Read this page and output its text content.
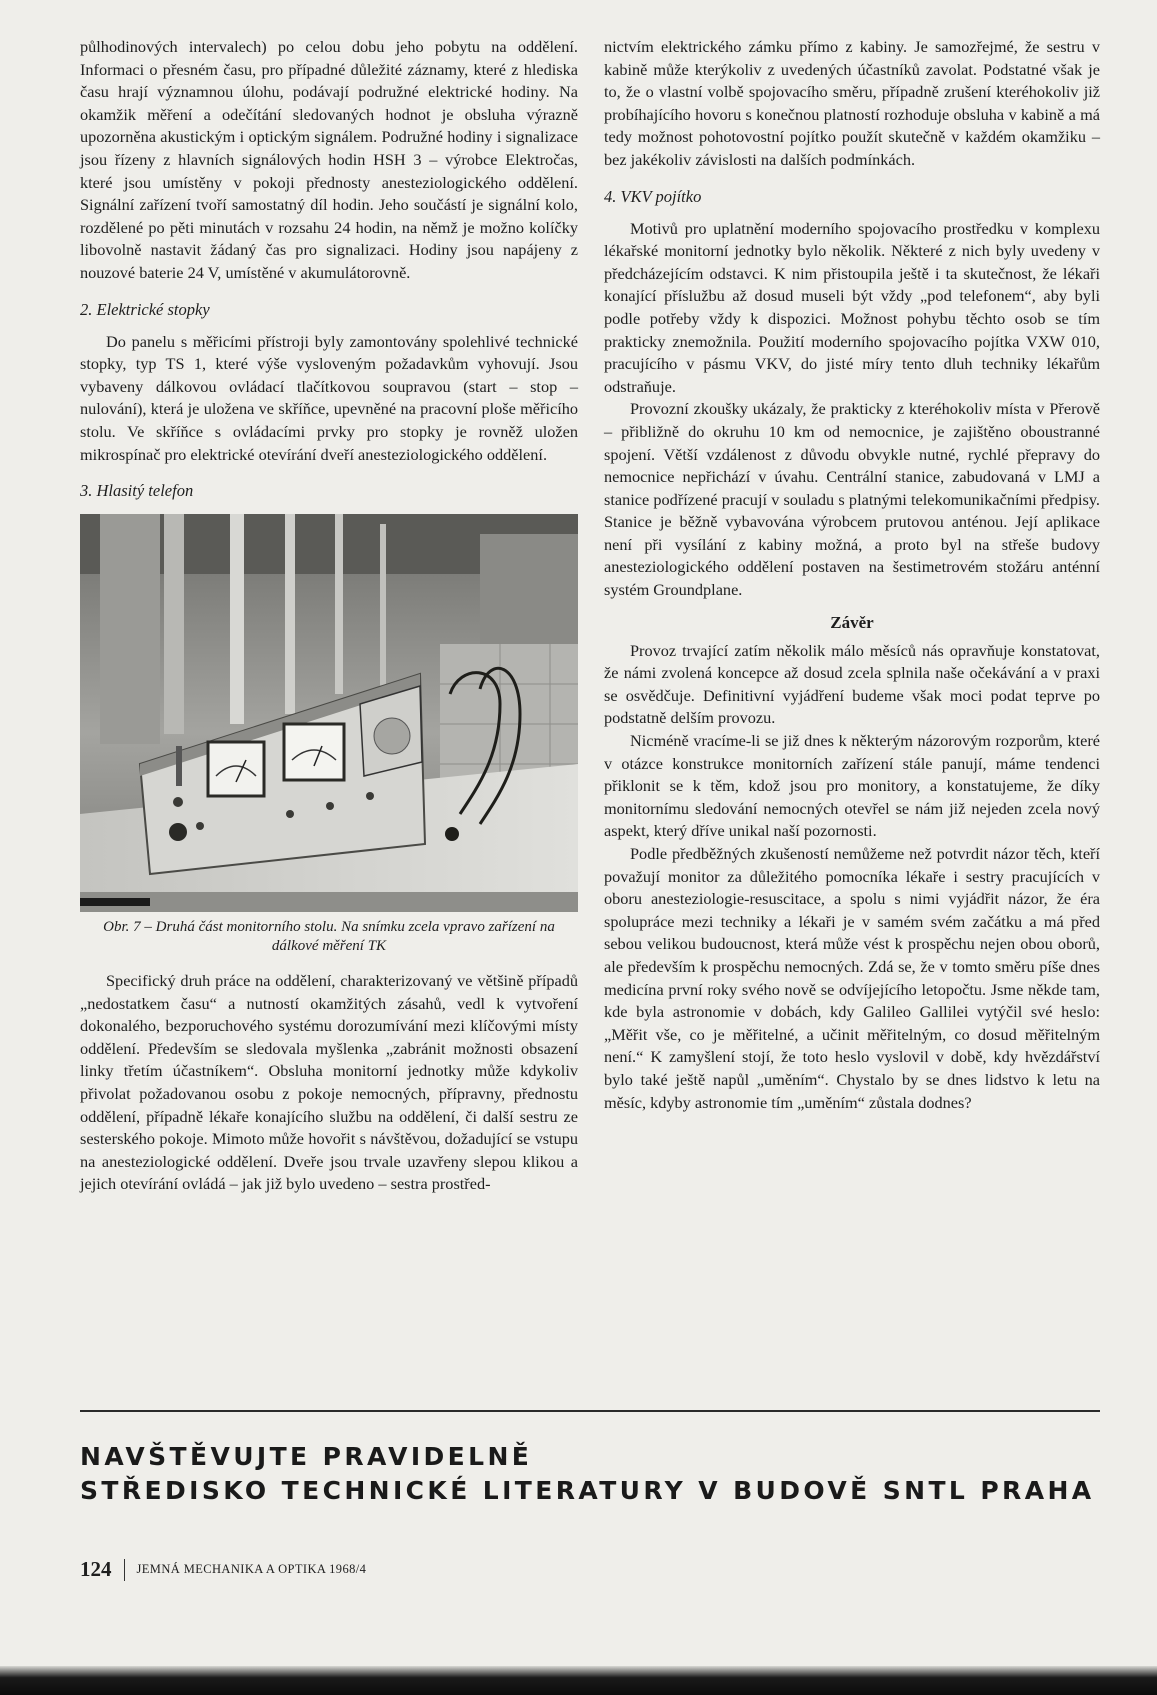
půlhodinových intervalech) po celou dobu jeho pobytu na oddělení. Informaci o přesném času, pro případné důležité záznamy, které z hlediska času hrají významnou úlohu, podávají podružné elektrické hodiny. Na okamžik měření a odečítání sledovaných hodnot je obsluha výrazně upozorněna akustickým i optickým signálem. Podružné hodiny i signalizace jsou řízeny z hlavních signálových hodin HSH 3 – výrobce Elektročas, které jsou umístěny v pokoji přednosty anesteziologického oddělení. Signální zařízení tvoří samostatný díl hodin. Jeho součástí je signální kolo, rozdělené po pěti minutách v rozsahu 24 hodin, na němž je možno kolíčky libovolně nastavit žádaný čas pro signalizaci. Hodiny jsou napájeny z nouzové baterie 24 V, umístěné v akumulátorovně.

2. Elektrické stopky

Do panelu s měřicími přístroji byly zamontovány spolehlivé technické stopky, typ TS 1, které výše vysloveným požadavkům vyhovují. Jsou vybaveny dálkovou ovládací tlačítkovou soupravou (start – stop – nulování), která je uložena ve skříňce, upevněné na pracovní ploše měřicího stolu. Ve skříňce s ovládacími prvky pro stopky je rovněž uložen mikrospínač pro elektrické otevírání dveří anesteziologického oddělení.

3. Hlasitý telefon

Obr. 7 – Druhá část monitorního stolu. Na snímku zcela vpravo zařízení na dálkové měření TK

Specifický druh práce na oddělení, charakterizovaný ve většině případů „nedostatkem času“ a nutností okamžitých zásahů, vedl k vytvoření dokonalého, bezporuchového systému dorozumívání mezi klíčovými místy oddělení. Především se sledovala myšlenka „zabránit možnosti obsazení linky třetím účastníkem“. Obsluha monitorní jednotky může kdykoliv přivolat požadovanou osobu z pokoje nemocných, přípravny, přednostu oddělení, případně lékaře konajícího službu na oddělení, či další sestru ze sesterského pokoje. Mimoto může hovořit s návštěvou, dožadující se vstupu na anesteziologické oddělení. Dveře jsou trvale uzavřeny slepou klikou a jejich otevírání ovládá – jak již bylo uvedeno – sestra prostřed-

nictvím elektrického zámku přímo z kabiny. Je samozřejmé, že sestru v kabině může kterýkoliv z uvedených účastníků zavolat. Podstatné však je to, že o vlastní volbě spojovacího směru, případně zrušení kteréhokoliv již probíhajícího hovoru s konečnou platností rozhoduje obsluha v kabině a má tedy možnost pohotovostní pojítko použít skutečně v každém okamžiku – bez jakékoliv závislosti na dalších podmínkách.

4. VKV pojítko

Motivů pro uplatnění moderního spojovacího prostředku v komplexu lékařské monitorní jednotky bylo několik. Některé z nich byly uvedeny v předcházejícím odstavci. K nim přistoupila ještě i ta skutečnost, že lékaři konající příslužbu až dosud museli být vždy „pod telefonem“, aby byli podle potřeby vždy k dispozici. Možnost pohybu těchto osob se tím prakticky znemožnila. Použití moderního spojovacího pojítka VXW 010, pracujícího v pásmu VKV, do jisté míry tento dluh techniky lékařům odstraňuje.

Provozní zkoušky ukázaly, že prakticky z kteréhokoliv místa v Přerově – přibližně do okruhu 10 km od nemocnice, je zajištěno oboustranné spojení. Větší vzdálenost z důvodu obvykle nutné, rychlé přepravy do nemocnice nepřichází v úvahu. Centrální stanice, zabudovaná v LMJ a stanice podřízené pracují v souladu s platnými telekomunikačními předpisy. Stanice je běžně vybavována výrobcem prutovou anténou. Její aplikace není při vysílání z kabiny možná, a proto byl na střeše budovy anesteziologického oddělení postaven na šestimetrovém stožáru anténní systém Groundplane.

Závěr

Provoz trvající zatím několik málo měsíců nás opravňuje konstatovat, že námi zvolená koncepce až dosud zcela splnila naše očekávání a v praxi se osvědčuje. Definitivní vyjádření budeme však moci podat teprve po podstatně delším provozu.

Nicméně vracíme-li se již dnes k některým názorovým rozporům, které v otázce konstrukce monitorních zařízení stále panují, máme tendenci přiklonit se k těm, kdož jsou pro monitory, a konstatujeme, že díky monitornímu sledování nemocných otevřel se nám již nejeden zcela nový aspekt, který dříve unikal naší pozornosti.

Podle předběžných zkušeností nemůžeme než potvrdit názor těch, kteří považují monitor za důležitého pomocníka lékaře i sestry pracujících v oboru anesteziologie-resuscitace, a spolu s nimi vyjádřit názor, že éra spolupráce mezi techniky a lékaři je v samém svém začátku a má před sebou velikou budoucnost, která může vést k prospěchu nejen obou oborů, ale především k prospěchu nemocných. Zdá se, že v tomto směru píše dnes medicína první roky svého nově se odvíjejícího letopočtu. Jsme někde tam, kde byla astronomie v dobách, kdy Galileo Gallilei vytýčil své heslo: „Měřit vše, co je měřitelné, a učinit měřitelným, co dosud měřitelným není.“ K zamyšlení stojí, že toto heslo vyslovil v době, kdy hvězdářství bylo také ještě napůl „uměním“. Chystalo by se dnes lidstvo k letu na měsíc, kdyby astronomie tím „uměním“ zůstala dodnes?

NAVŠTĚVUJTE PRAVIDELNĚ
STŘEDISKO TECHNICKÉ LITERATURY V BUDOVĚ SNTL PRAHA
124 JEMNÁ MECHANIKA A OPTIKA 1968/4
